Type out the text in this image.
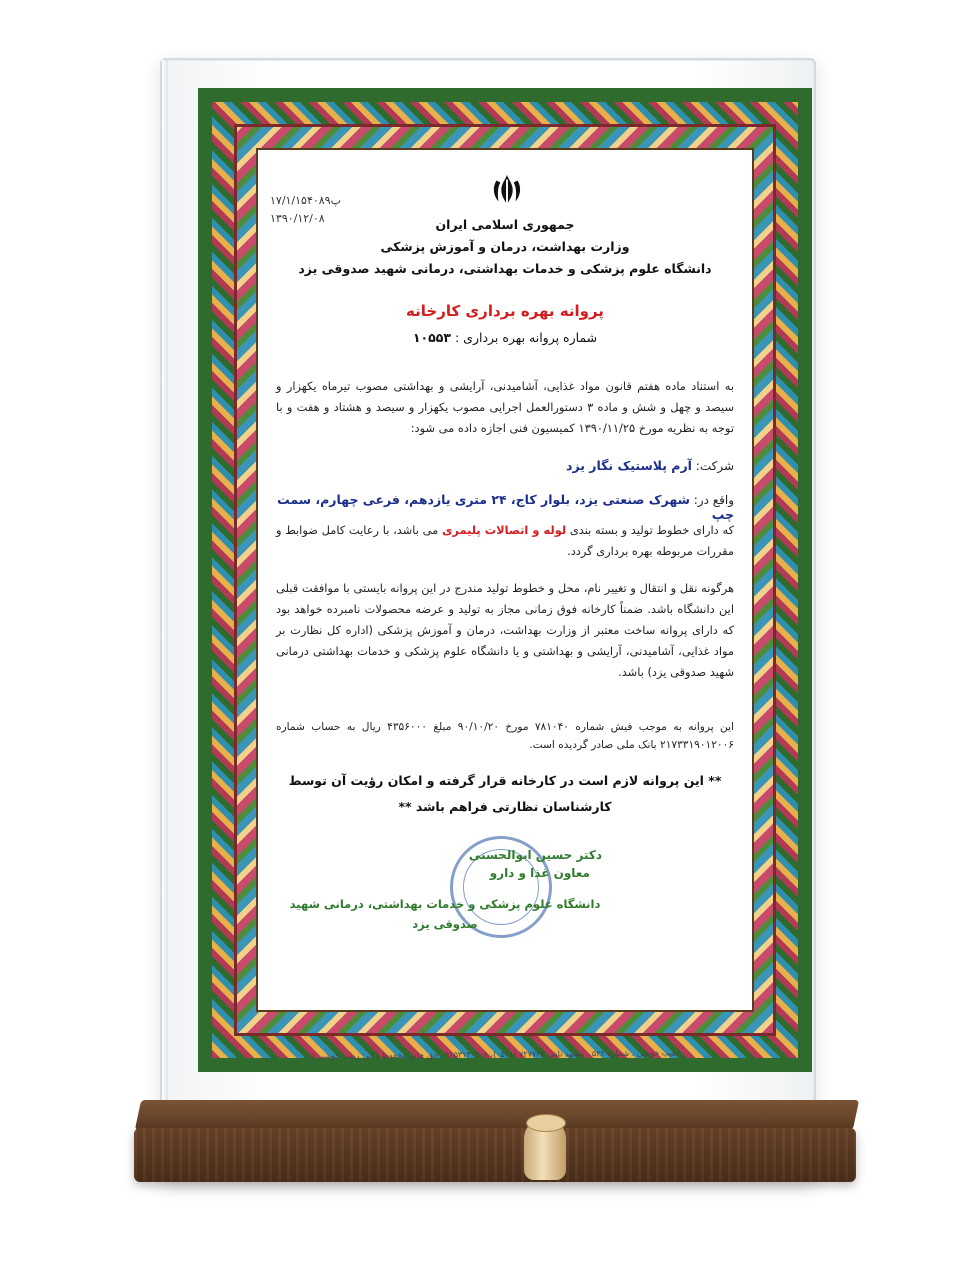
۱۷/۱/۱۵۴۰۸۹پ
۱۳۹۰/۱۲/۰۸	جمهوری اسلامی ایران
وزارت بهداشت، درمان و آموزش پزشکی
دانشگاه علوم پزشکی و خدمات بهداشتی، درمانی شهید صدوقی یزد
پروانه بهره برداری کارخانه
شماره پروانه بهره برداری : ۱۰۵۵۳
به استناد ماده هفتم قانون مواد غذایی، آشامیدنی، آرایشی و بهداشتی مصوب تیرماه یکهزار و سیصد و چهل و شش و ماده ۳ دستورالعمل اجرایی مصوب یکهزار و سیصد و هشتاد و هفت و با توجه به نظریه مورخ ۱۳۹۰/۱۱/۲۵ کمیسیون فنی اجازه داده می شود:
شرکت: آرم پلاستیک نگار یزد
واقع در: شهرک صنعتی یزد، بلوار کاج، ۲۴ متری یازدهم، فرعی چهارم، سمت چپ
که دارای خطوط تولید و بسته بندی لوله و اتصالات پلیمری می باشد، با رعایت کامل ضوابط و مقررات مربوطه بهره برداری گردد.
هرگونه نقل و انتقال و تغییر نام، محل و خطوط تولید مندرج در این پروانه بایستی با موافقت قبلی این دانشگاه باشد. ضمناً کارخانه فوق زمانی مجاز به تولید و عرضه محصولات نامبرده خواهد بود که دارای پروانه ساخت معتبر از وزارت بهداشت، درمان و آموزش پزشکی (اداره کل نظارت بر مواد غذایی، آشامیدنی، آرایشی و بهداشتی و یا دانشگاه علوم پزشکی و خدمات بهداشتی درمانی شهید صدوقی یزد) باشد.
این پروانه به موجب فیش شماره ۷۸۱۰۴۰ مورخ ۹۰/۱۰/۲۰ مبلغ ۴۳۵۶۰۰۰ ریال به حساب شماره ۲۱۷۳۳۱۹۰۱۲۰۰۶ بانک ملی صادر گردیده است.
** این پروانه لازم است در کارخانه قرار گرفته و امکان رؤیت آن توسط کارشناسان نظارتی فراهم باشد **
دکتر حسین ابوالحسنی
معاون غذا و دارو
دانشگاه علوم پزشکی و خدمات بهداشتی، درمانی شهید صدوقی یزد
ذهیب خوشی . شماره ۵۲۲ . مشهد تلفن ۷۲۷۷۲۷ (۰۵۱۱)، ۰۹۱۵۳۱۳۰۴۰۸ حق چاپ محفوظ ( اثر: زینب خوشی )
